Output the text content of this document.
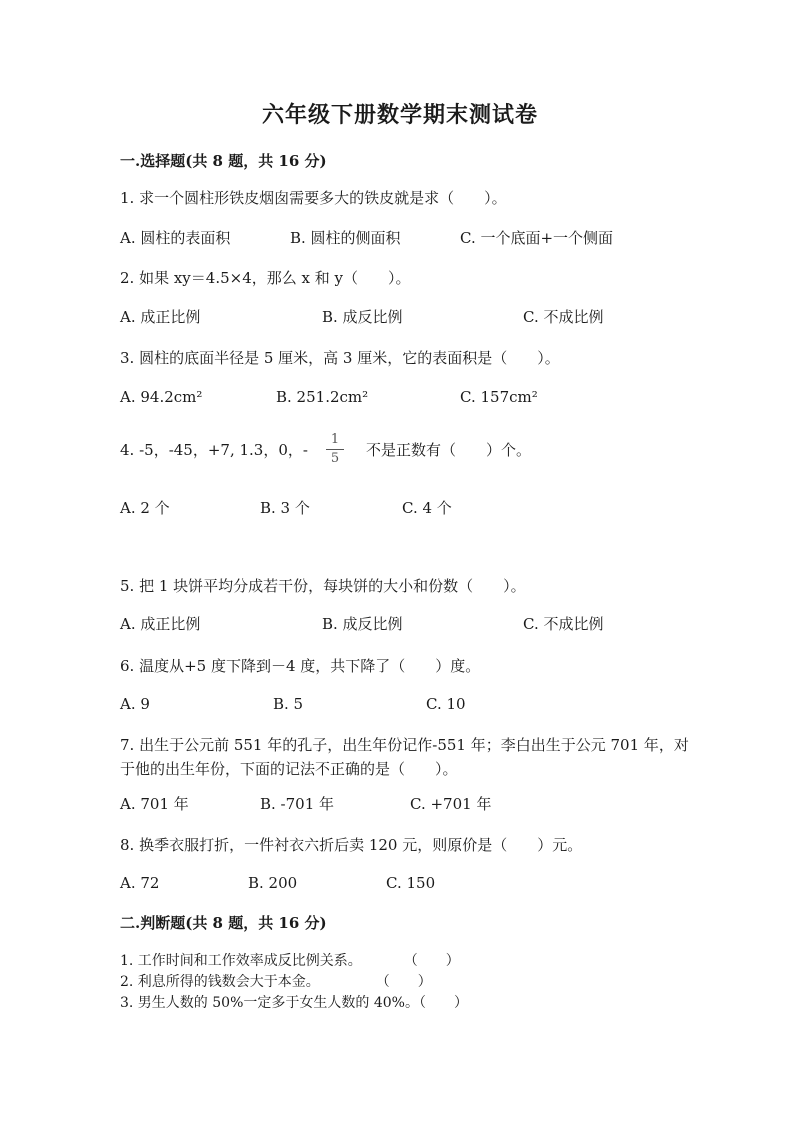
六年级下册数学期末测试卷
一.选择题(共 8 题，共 16 分)
1. 求一个圆柱形铁皮烟囱需要多大的铁皮就是求（　　）。
A. 圆柱的表面积	B. 圆柱的侧面积	C. 一个底面+一个侧面
2. 如果 xy＝4.5×4，那么 x 和 y（　　）。
A. 成正比例	B. 成反比例	C. 不成比例
3. 圆柱的底面半径是 5 厘米，高 3 厘米，它的表面积是（　　）。
A. 94.2cm²	B. 251.2cm²	C. 157cm²
4. -5，-45，+7, 1.3，0，-
1
5	不是正数有（　　）个。
A. 2 个	B. 3 个	C. 4 个
5. 把 1 块饼平均分成若干份，每块饼的大小和份数（　　）。
A. 成正比例	B. 成反比例	C. 不成比例
6. 温度从+5 度下降到－4 度，共下降了（　　）度。
A. 9	B. 5	C. 10
7. 出生于公元前 551 年的孔子，出生年份记作-551 年；李白出生于公元 701 年，对于他的出生年份，下面的记法不正确的是（　　）。
A. 701 年	B. -701 年	C. +701 年
8. 换季衣服打折，一件衬衣六折后卖 120 元，则原价是（　　）元。
A. 72	B. 200	C. 150
二.判断题(共 8 题，共 16 分)
1. 工作时间和工作效率成反比例关系。　　　　（　　）
2. 利息所得的钱数会大于本金。　　　　　（　　）
3. 男生人数的 50%一定多于女生人数的 40%。（　　）
